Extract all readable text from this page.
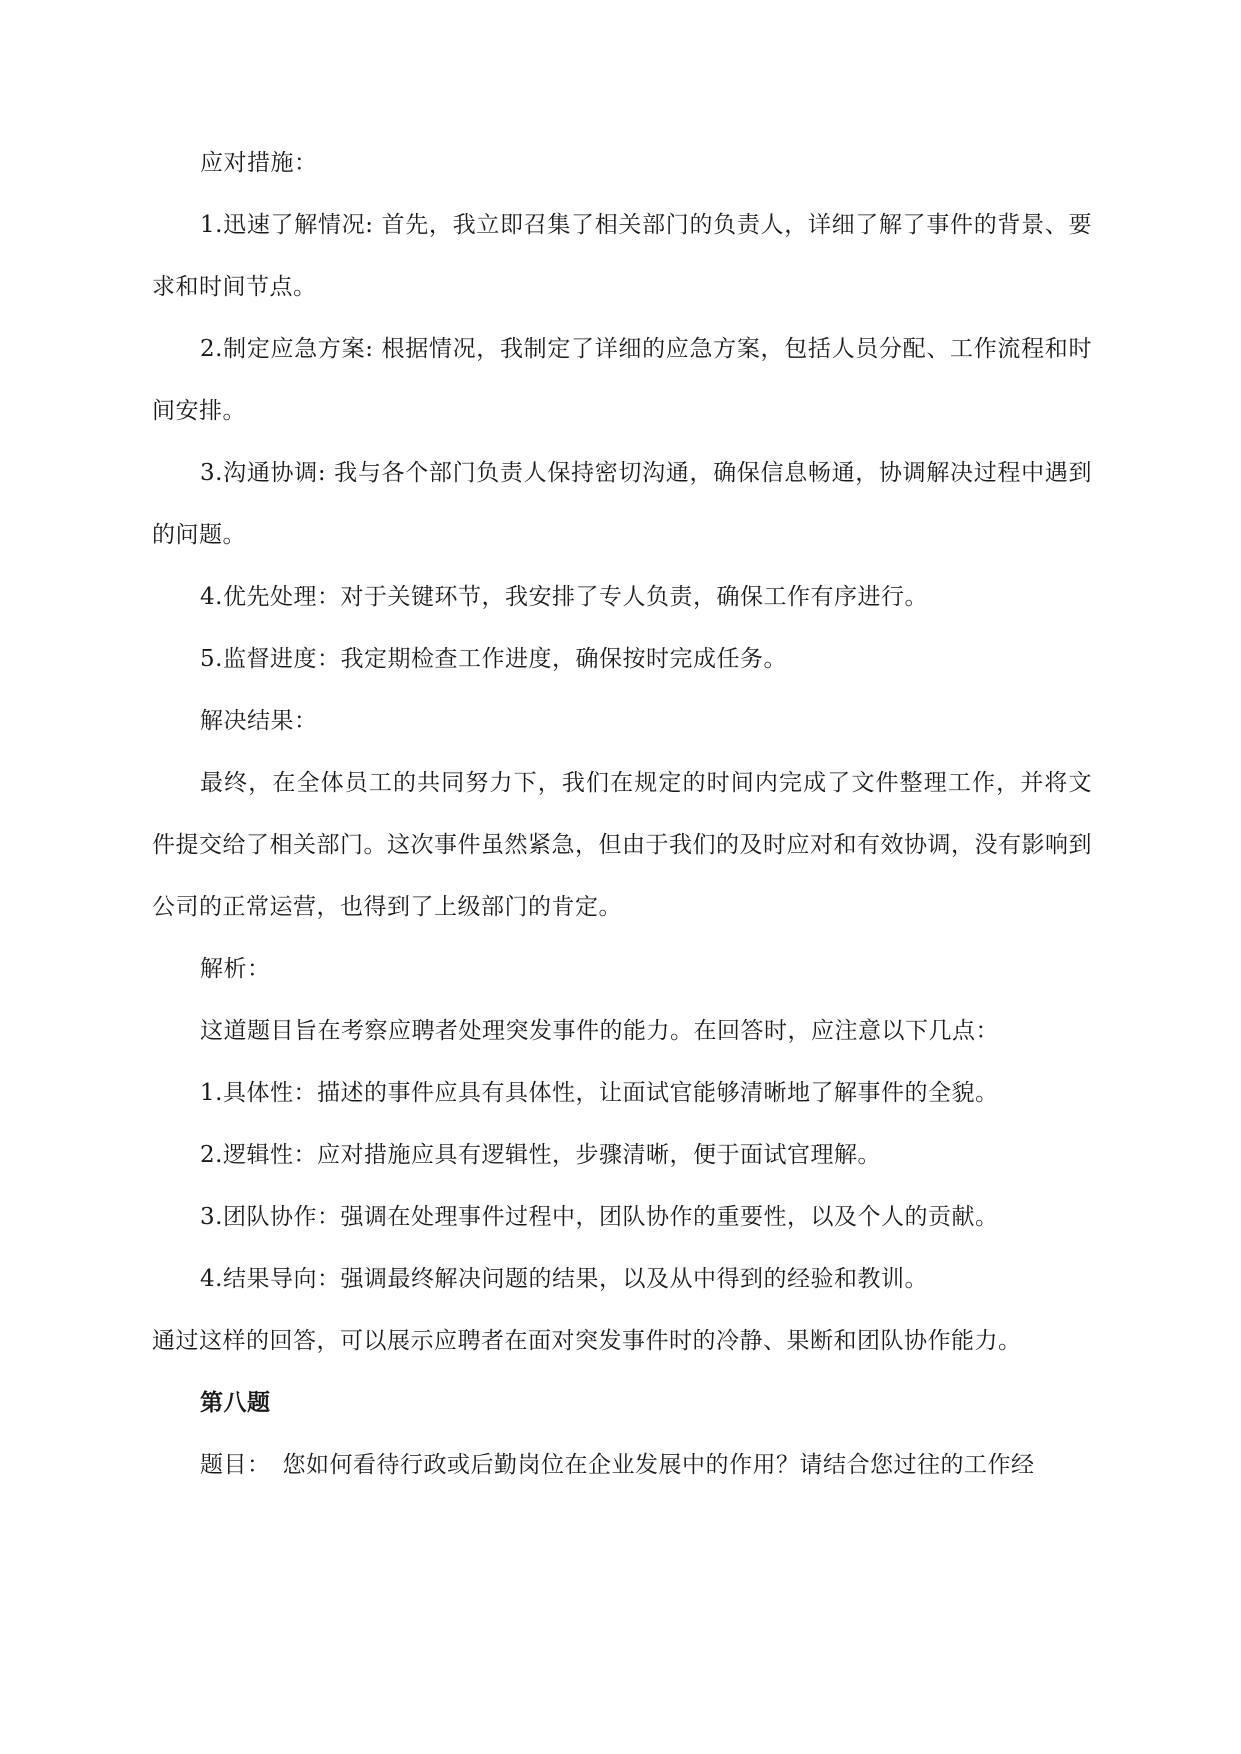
应对措施：

1.迅速了解情况: 首先，我立即召集了相关部门的负责人，详细了解了事件的背景、要求和时间节点。

2.制定应急方案: 根据情况，我制定了详细的应急方案，包括人员分配、工作流程和时间安排。

3.沟通协调: 我与各个部门负责人保持密切沟通，确保信息畅通，协调解决过程中遇到的问题。

4.优先处理：对于关键环节，我安排了专人负责，确保工作有序进行。

5.监督进度：我定期检查工作进度，确保按时完成任务。

解决结果：

最终，在全体员工的共同努力下，我们在规定的时间内完成了文件整理工作，并将文件提交给了相关部门。这次事件虽然紧急，但由于我们的及时应对和有效协调，没有影响到公司的正常运营，也得到了上级部门的肯定。

解析：

这道题目旨在考察应聘者处理突发事件的能力。在回答时，应注意以下几点：

1.具体性：描述的事件应具有具体性，让面试官能够清晰地了解事件的全貌。

2.逻辑性：应对措施应具有逻辑性，步骤清晰，便于面试官理解。

3.团队协作：强调在处理事件过程中，团队协作的重要性，以及个人的贡献。

4.结果导向：强调最终解决问题的结果，以及从中得到的经验和教训。

通过这样的回答，可以展示应聘者在面对突发事件时的冷静、果断和团队协作能力。

第八题

题目：　您如何看待行政或后勤岗位在企业发展中的作用？请结合您过往的工作经
